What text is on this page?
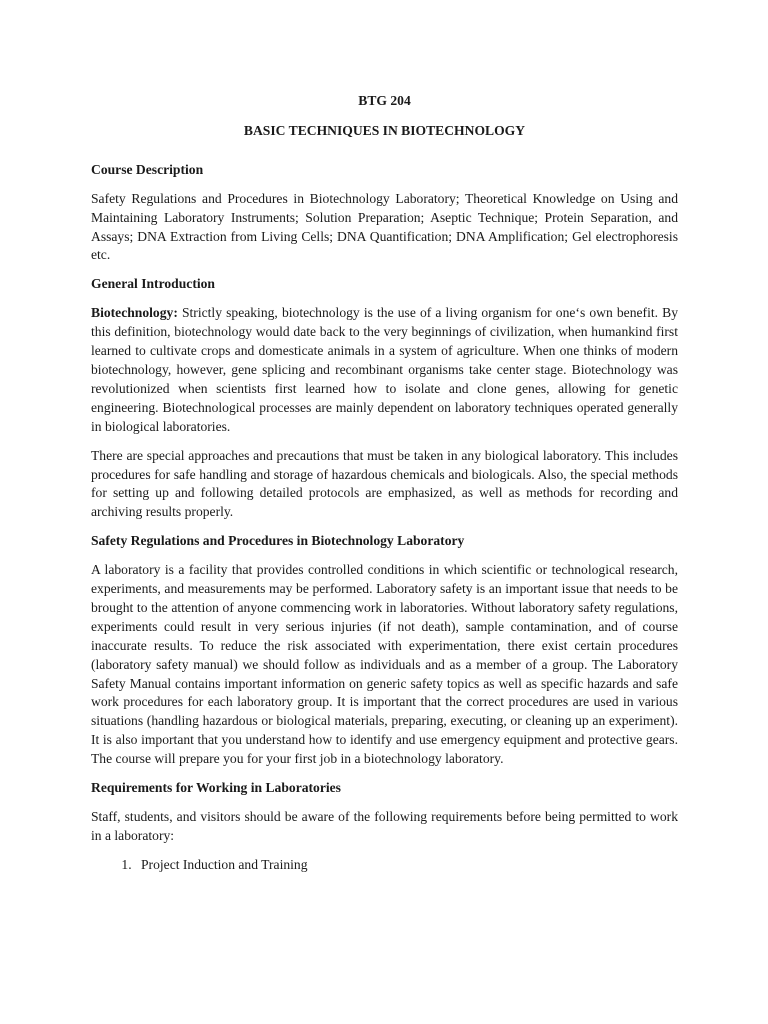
BTG 204

BASIC TECHNIQUES IN BIOTECHNOLOGY

Course Description

Safety Regulations and Procedures in Biotechnology Laboratory; Theoretical Knowledge on Using and Maintaining Laboratory Instruments; Solution Preparation; Aseptic Technique; Protein Separation, and Assays; DNA Extraction from Living Cells; DNA Quantification; DNA Amplification; Gel electrophoresis etc.

General Introduction

Biotechnology: Strictly speaking, biotechnology is the use of a living organism for one‘s own benefit. By this definition, biotechnology would date back to the very beginnings of civilization, when humankind first learned to cultivate crops and domesticate animals in a system of agriculture. When one thinks of modern biotechnology, however, gene splicing and recombinant organisms take center stage. Biotechnology was revolutionized when scientists first learned how to isolate and clone genes, allowing for genetic engineering. Biotechnological processes are mainly dependent on laboratory techniques operated generally in biological laboratories.

There are special approaches and precautions that must be taken in any biological laboratory. This includes procedures for safe handling and storage of hazardous chemicals and biologicals. Also, the special methods for setting up and following detailed protocols are emphasized, as well as methods for recording and archiving results properly.

Safety Regulations and Procedures in Biotechnology Laboratory

A laboratory is a facility that provides controlled conditions in which scientific or technological research, experiments, and measurements may be performed. Laboratory safety is an important issue that needs to be brought to the attention of anyone commencing work in laboratories. Without laboratory safety regulations, experiments could result in very serious injuries (if not death), sample contamination, and of course inaccurate results. To reduce the risk associated with experimentation, there exist certain procedures (laboratory safety manual) we should follow as individuals and as a member of a group. The Laboratory Safety Manual contains important information on generic safety topics as well as specific hazards and safe work procedures for each laboratory group. It is important that the correct procedures are used in various situations (handling hazardous or biological materials, preparing, executing, or cleaning up an experiment). It is also important that you understand how to identify and use emergency equipment and protective gears. The course will prepare you for your first job in a biotechnology laboratory.

Requirements for Working in Laboratories

Staff, students, and visitors should be aware of the following requirements before being permitted to work in a laboratory:

1. Project Induction and Training
